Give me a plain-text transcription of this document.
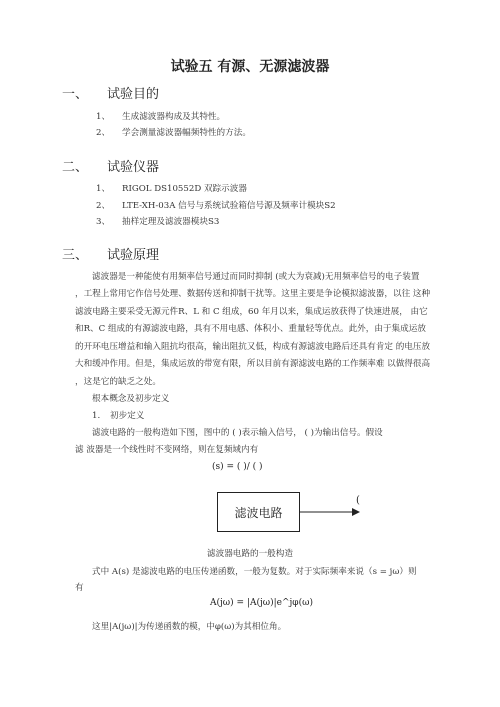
试验五 有源、无源滤波器
一、 试验目的
1、 生成滤波器构成及其特性。
2、 学会测量滤波器幅频特性的方法。
二、 试验仪器
1、 RIGOL DS10552D 双踪示波器
2、 LTE-XH-03A 信号与系统试验箱信号源及频率计模块S2
3、 抽样定理及滤波器模块S3
三、 试验原理
滤波器是一种能使有用频率信号通过而同时抑制 (或大为衰减)无用频率信号的电子装置
，工程上常用它作信号处理、数据传送和抑制干扰等。这里主要是争论模拟滤波器，以往 这种
滤波电路主要采受无源元件R、L 和 C 组成，60 年月以来，集成运放获得了快速进展， 由它
和R、C 组成的有源滤波电路，具有不用电感、体积小、重量轻等优点。此外，由于集成运放
的开环电压增益和输入阻抗均很高，输出阻抗又低，构成有源滤波电路后还具有肯定 的电压放
大和缓冲作用。但是，集成运放的带宽有限，所以目前有源滤波电路的工作频率难 以做得很高
，这是它的缺乏之处。
根本概念及初步定义
1. 初步定义
滤波电路的一般构造如下图，图中的 ( )表示输入信号， ( )为输出信号。假设
滤 波器是一个线性时不变网络，则在复频域内有
(s) = ( )/ ( )
滤波电路
(
滤波器电路的一般构造
式中 A(s) 是滤波电路的电压传递函数，一般为复数。对于实际频率来说（s = jω）则
有
A(jω) = |A(jω)|e^jφ(ω)
这里|A(jω)|为传递函数的模，中φ(ω)为其相位角。
